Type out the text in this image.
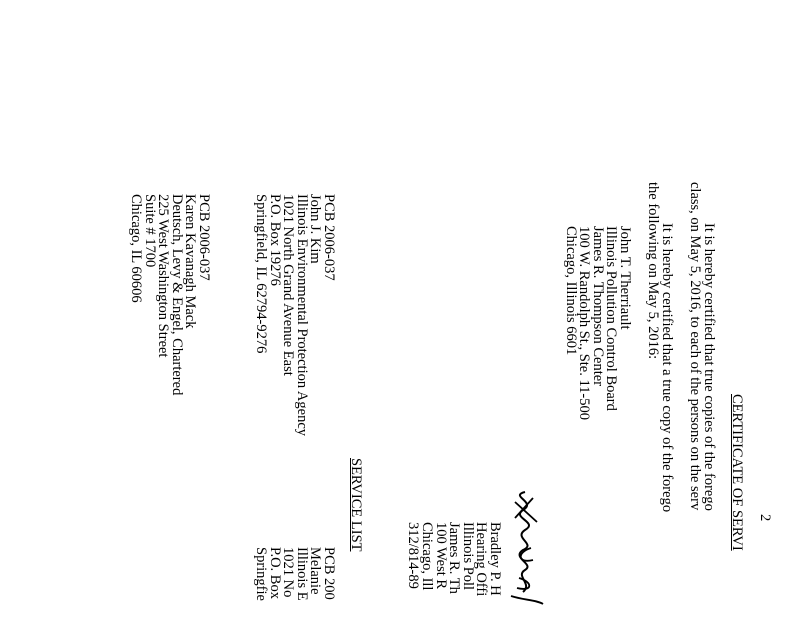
2
CERTIFICATE OF SERVI
It is hereby certified that true copies of the forego
class, on May 5, 2016, to each of the persons on the serv
It is hereby certified that a true copy of the forego
the following on May 5, 2016:
John T. Therriault
Illinois Pollution Control Board
James R. Thompson Center
100 W. Randolph St., Ste. 11-500
Chicago, Illinois 6601
Bradley P. H
Hearing Offi
Illinois Poll
James R. Th
100 West R
Chicago, Ill
312/814-89
SERVICE LIST
PCB 2006-037
John J. Kim
Illinois Environmental Protection Agency
1021 North Grand Avenue East
P.O. Box 19276
Springfield, IL 62794-9276
PCB 200
Melanie
Illinois E
1021 No
P.O. Box
Springfie
PCB 2006-037
Karen Kavanagh Mack
Deutsch, Levy & Engel, Chartered
225 West Washington Street
Suite # 1700
Chicago, IL 60606
